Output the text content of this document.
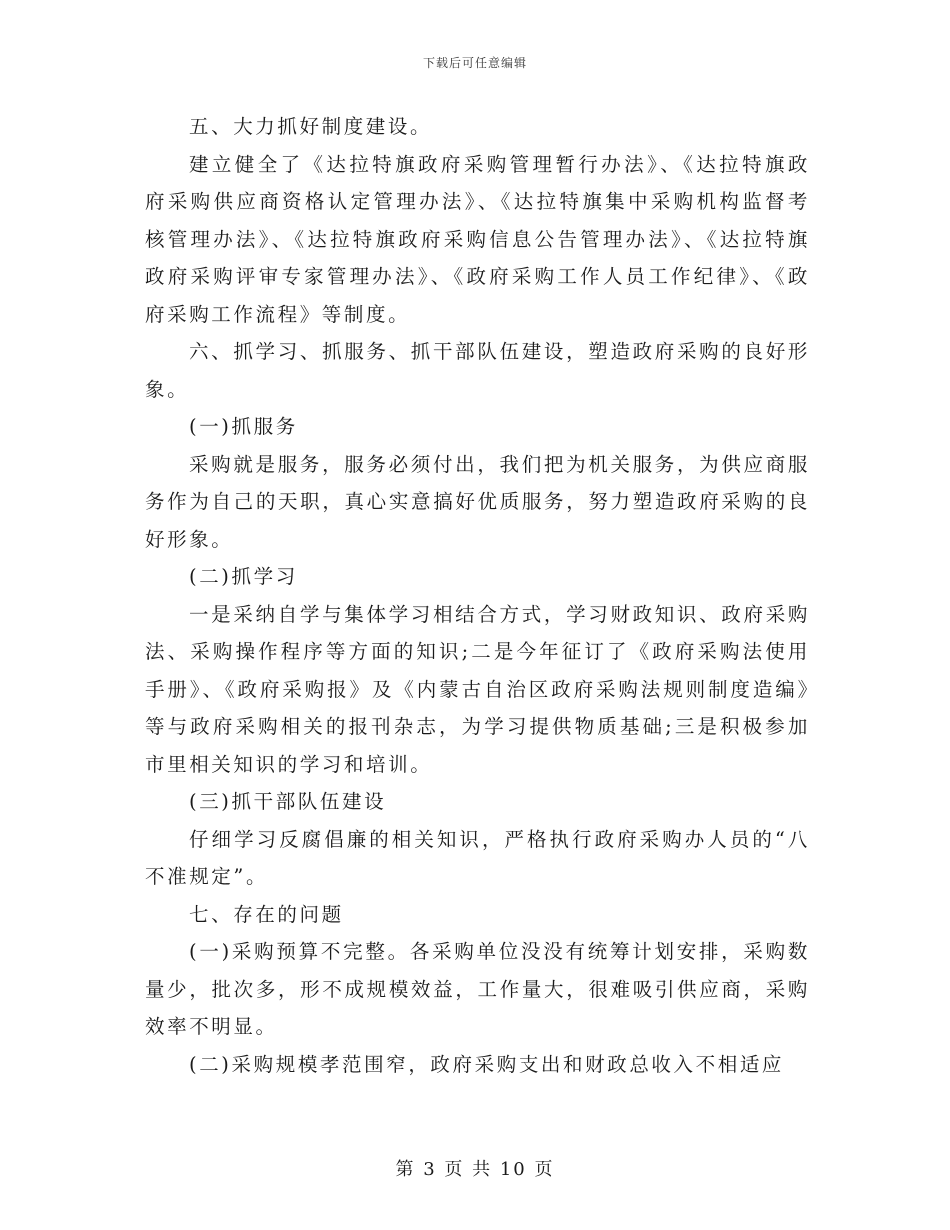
下载后可任意编辑

五、大力抓好制度建设。

建立健全了《达拉特旗政府采购管理暂行办法》、《达拉特旗政府采购供应商资格认定管理办法》、《达拉特旗集中采购机构监督考核管理办法》、《达拉特旗政府采购信息公告管理办法》、《达拉特旗政府采购评审专家管理办法》、《政府采购工作人员工作纪律》、《政府采购工作流程》等制度。

六、抓学习、抓服务、抓干部队伍建设，塑造政府采购的良好形象。

(一)抓服务

采购就是服务，服务必须付出，我们把为机关服务，为供应商服务作为自己的天职，真心实意搞好优质服务，努力塑造政府采购的良好形象。

(二)抓学习

一是采纳自学与集体学习相结合方式，学习财政知识、政府采购法、采购操作程序等方面的知识;二是今年征订了《政府采购法使用手册》、《政府采购报》及《内蒙古自治区政府采购法规则制度造编》等与政府采购相关的报刊杂志，为学习提供物质基础;三是积极参加市里相关知识的学习和培训。

(三)抓干部队伍建设

仔细学习反腐倡廉的相关知识，严格执行政府采购办人员的“八不准规定”。

七、存在的问题

(一)采购预算不完整。各采购单位没没有统筹计划安排，采购数量少，批次多，形不成规模效益，工作量大，很难吸引供应商，采购效率不明显。

(二)采购规模孝范围窄，政府采购支出和财政总收入不相适应

第 3 页 共 10 页
